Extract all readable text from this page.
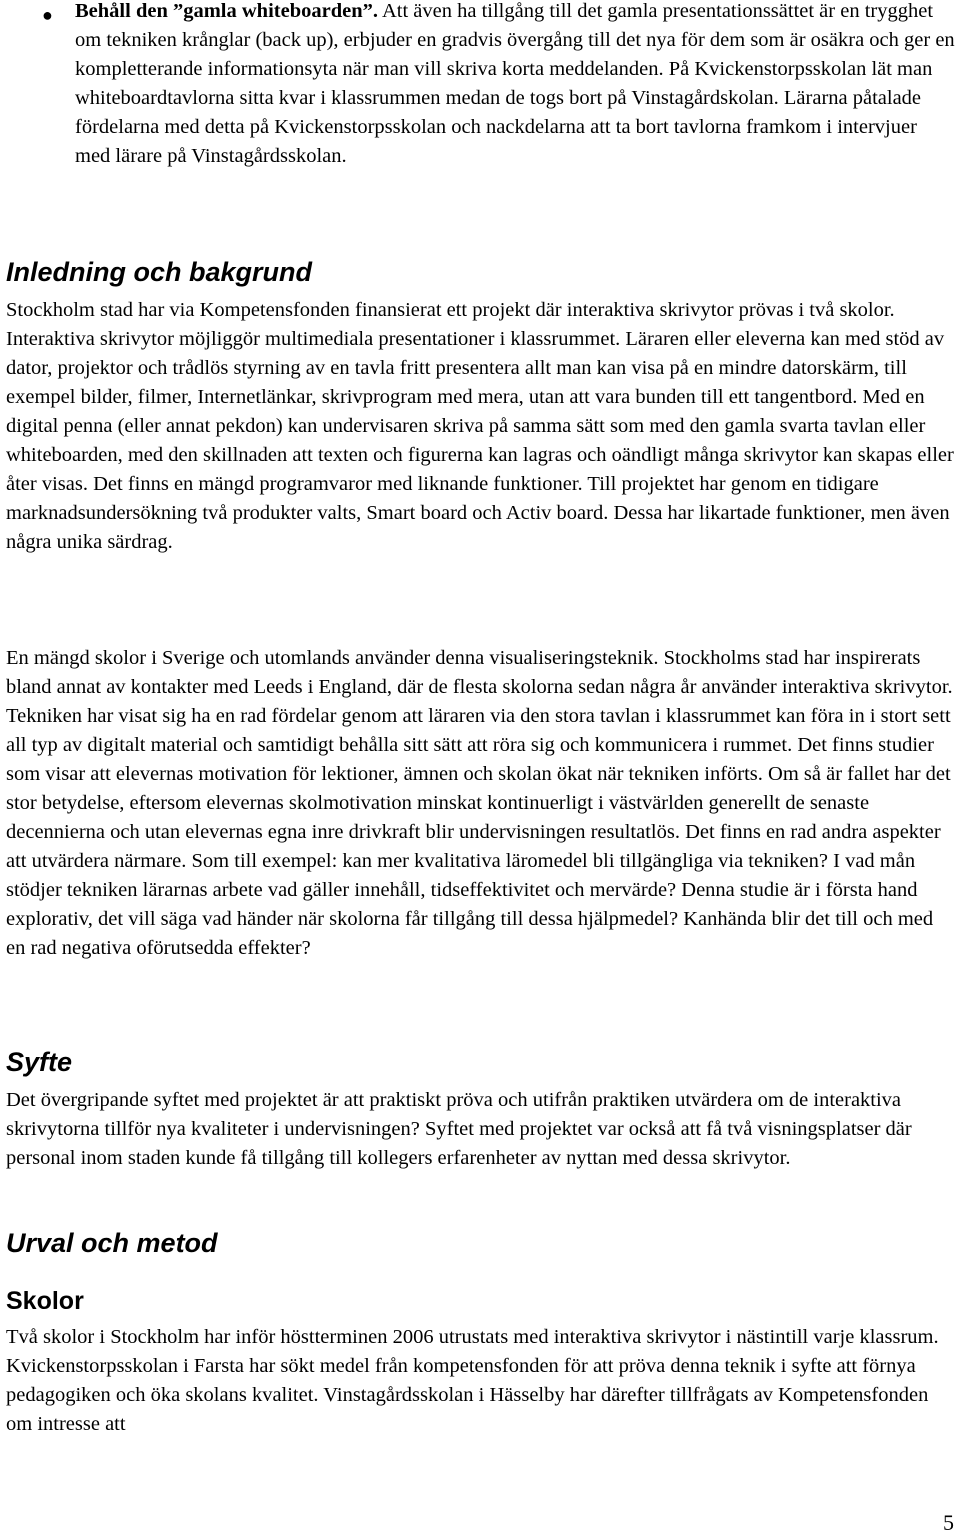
● Behåll den ”gamla whiteboarden”. Att även ha tillgång till det gamla presentationssättet är en trygghet om tekniken krånglar (back up), erbjuder en gradvis övergång till det nya för dem som är osäkra och ger en kompletterande informationsyta när man vill skriva korta meddelanden. På Kvickenstorpsskolan lät man whiteboardtavlorna sitta kvar i klassrummen medan de togs bort på Vinstagårdskolan. Lärarna påtalade fördelarna med detta på Kvickenstorpsskolan och nackdelarna att ta bort tavlorna framkom i intervjuer med lärare på Vinstagårdsskolan.
Inledning och bakgrund

Stockholm stad har via Kompetensfonden finansierat ett projekt där interaktiva skrivytor prövas i två skolor. Interaktiva skrivytor möjliggör multimediala presentationer i klassrummet. Läraren eller eleverna kan med stöd av dator, projektor och trådlös styrning av en tavla fritt presentera allt man kan visa på en mindre datorskärm, till exempel bilder, filmer, Internetlänkar, skrivprogram med mera, utan att vara bunden till ett tangentbord. Med en digital penna (eller annat pekdon) kan undervisaren skriva på samma sätt som med den gamla svarta tavlan eller whiteboarden, med den skillnaden att texten och figurerna kan lagras och oändligt många skrivytor kan skapas eller åter visas. Det finns en mängd programvaror med liknande funktioner. Till projektet har genom en tidigare marknadsundersökning två produkter valts, Smart board och Activ board. Dessa har likartade funktioner, men även några unika särdrag.

En mängd skolor i Sverige och utomlands använder denna visualiseringsteknik. Stockholms stad har inspirerats bland annat av kontakter med Leeds i England, där de flesta skolorna sedan några år använder interaktiva skrivytor. Tekniken har visat sig ha en rad fördelar genom att läraren via den stora tavlan i klassrummet kan föra in i stort sett all typ av digitalt material och samtidigt behålla sitt sätt att röra sig och kommunicera i rummet. Det finns studier som visar att elevernas motivation för lektioner, ämnen och skolan ökat när tekniken införts. Om så är fallet har det stor betydelse, eftersom elevernas skolmotivation minskat kontinuerligt i västvärlden generellt de senaste decennierna och utan elevernas egna inre drivkraft blir undervisningen resultatlös. Det finns en rad andra aspekter att utvärdera närmare. Som till exempel: kan mer kvalitativa läromedel bli tillgängliga via tekniken? I vad mån stödjer tekniken lärarnas arbete vad gäller innehåll, tidseffektivitet och mervärde? Denna studie är i första hand explorativ, det vill säga vad händer när skolorna får tillgång till dessa hjälpmedel? Kanhända blir det till och med en rad negativa oförutsedda effekter?

Syfte

Det övergripande syftet med projektet är att praktiskt pröva och utifrån praktiken utvärdera om de interaktiva skrivytorna tillför nya kvaliteter i undervisningen? Syftet med projektet var också att få två visningsplatser där personal inom staden kunde få tillgång till kollegers erfarenheter av nyttan med dessa skrivytor.

Urval och metod
Skolor

Två skolor i Stockholm har inför höstterminen 2006 utrustats med interaktiva skrivytor i nästintill varje klassrum. Kvickenstorpsskolan i Farsta har sökt medel från kompetensfonden för att pröva denna teknik i syfte att förnya pedagogiken och öka skolans kvalitet. Vinstagårdsskolan i Hässelby har därefter tillfrågats av Kompetensfonden om intresse att

5
